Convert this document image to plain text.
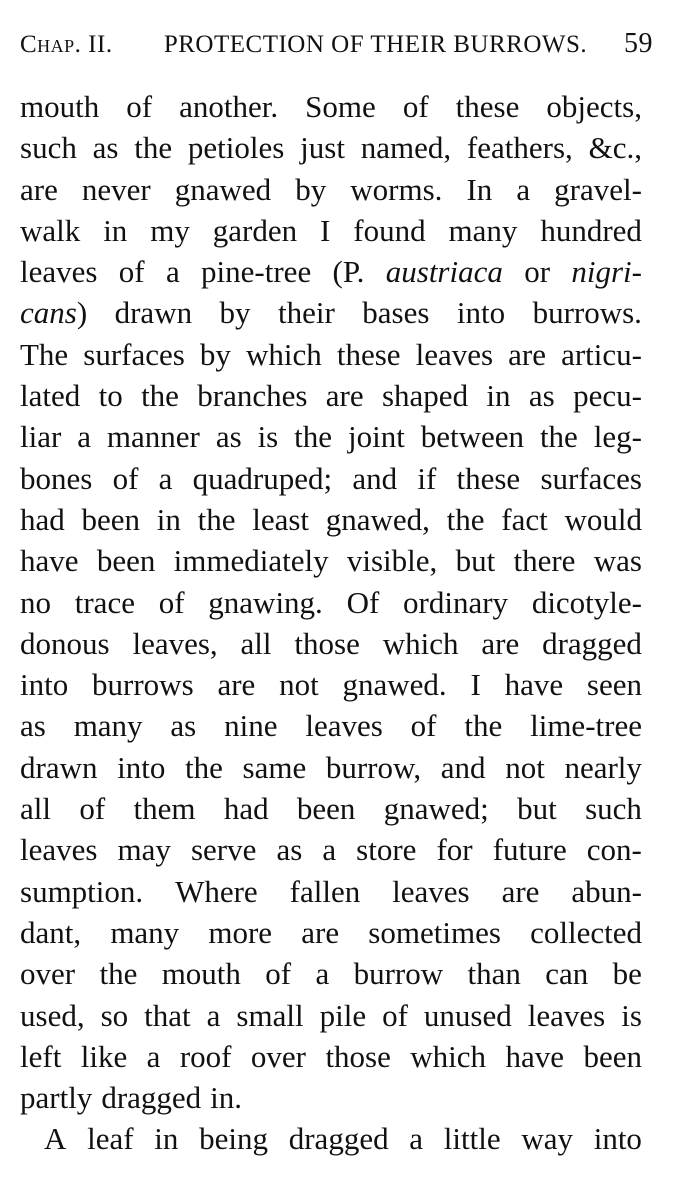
Chap. II.	PROTECTION OF THEIR BURROWS.	59
mouth of another. Some of these objects,
such as the petioles just named, feathers, &c.,
are never gnawed by worms. In a gravel-
walk in my garden I found many hundred
leaves of a pine-tree (P. austriaca or nigri-
cans) drawn by their bases into burrows.
The surfaces by which these leaves are articu-
lated to the branches are shaped in as pecu-
liar a manner as is the joint between the leg-
bones of a quadruped; and if these surfaces
had been in the least gnawed, the fact would
have been immediately visible, but there was
no trace of gnawing. Of ordinary dicotyle-
donous leaves, all those which are dragged
into burrows are not gnawed. I have seen
as many as nine leaves of the lime-tree
drawn into the same burrow, and not nearly
all of them had been gnawed; but such
leaves may serve as a store for future con-
sumption. Where fallen leaves are abun-
dant, many more are sometimes collected
over the mouth of a burrow than can be
used, so that a small pile of unused leaves is
left like a roof over those which have been
partly dragged in.
A leaf in being dragged a little way into
